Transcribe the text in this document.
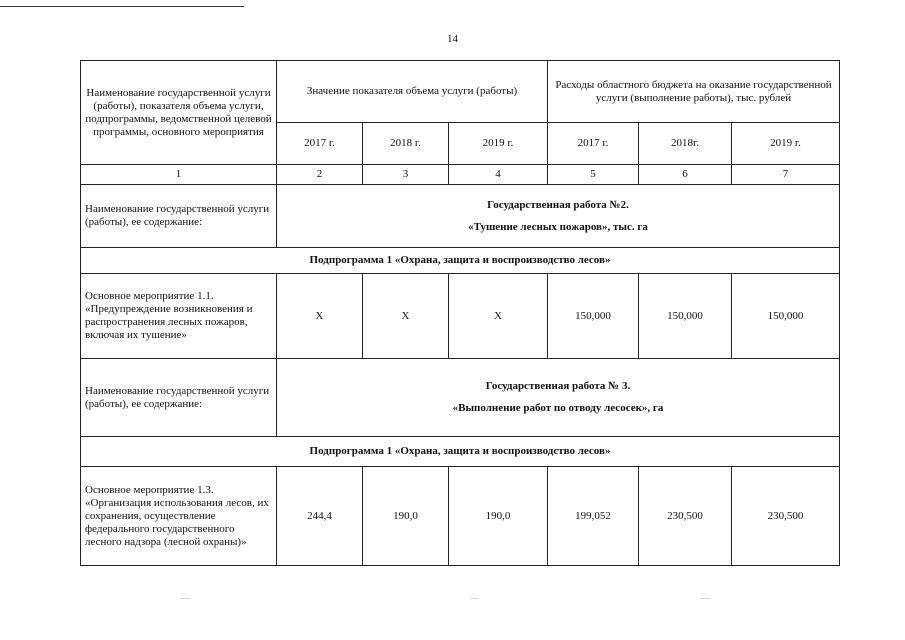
14
Наименование государственной услуги (работы), показателя объема услуги, подпрограммы, ведомственной целевой программы, основного мероприятия	Значение показателя объема услуги (работы)			Расходы областного бюджета на оказание государственной услуги (выполнение работы), тыс. рублей		
	2017 г.	2018 г.	2019 г.	2017 г.	2018г.	2019 г.
1	2	3	4	5	6	7
Наименование государственной услуги (работы), ее содержание:	Государственная работа №2.
«Тушение лесных пожаров», тыс. га					

Подпрограмма 1 «Охрана, защита и воспроизводство лесов»						
Основное мероприятие 1.1. «Предупреждение возникновения и распространения лесных пожаров, включая их тушение»	Х	Х	Х	150,000	150,000	150,000
Наименование государственной услуги (работы), ее содержание:	Государственная работа № 3.
«Выполнение работ по отводу лесосек», га					

Подпрограмма 1 «Охрана, защита и воспроизводство лесов»						
Основное мероприятие 1.3. «Организация использования лесов, их сохранения, осуществление федерального государственного лесного надзора (лесной охраны)»	244,4	190,0	190,0	199,052	230,500	230,500
